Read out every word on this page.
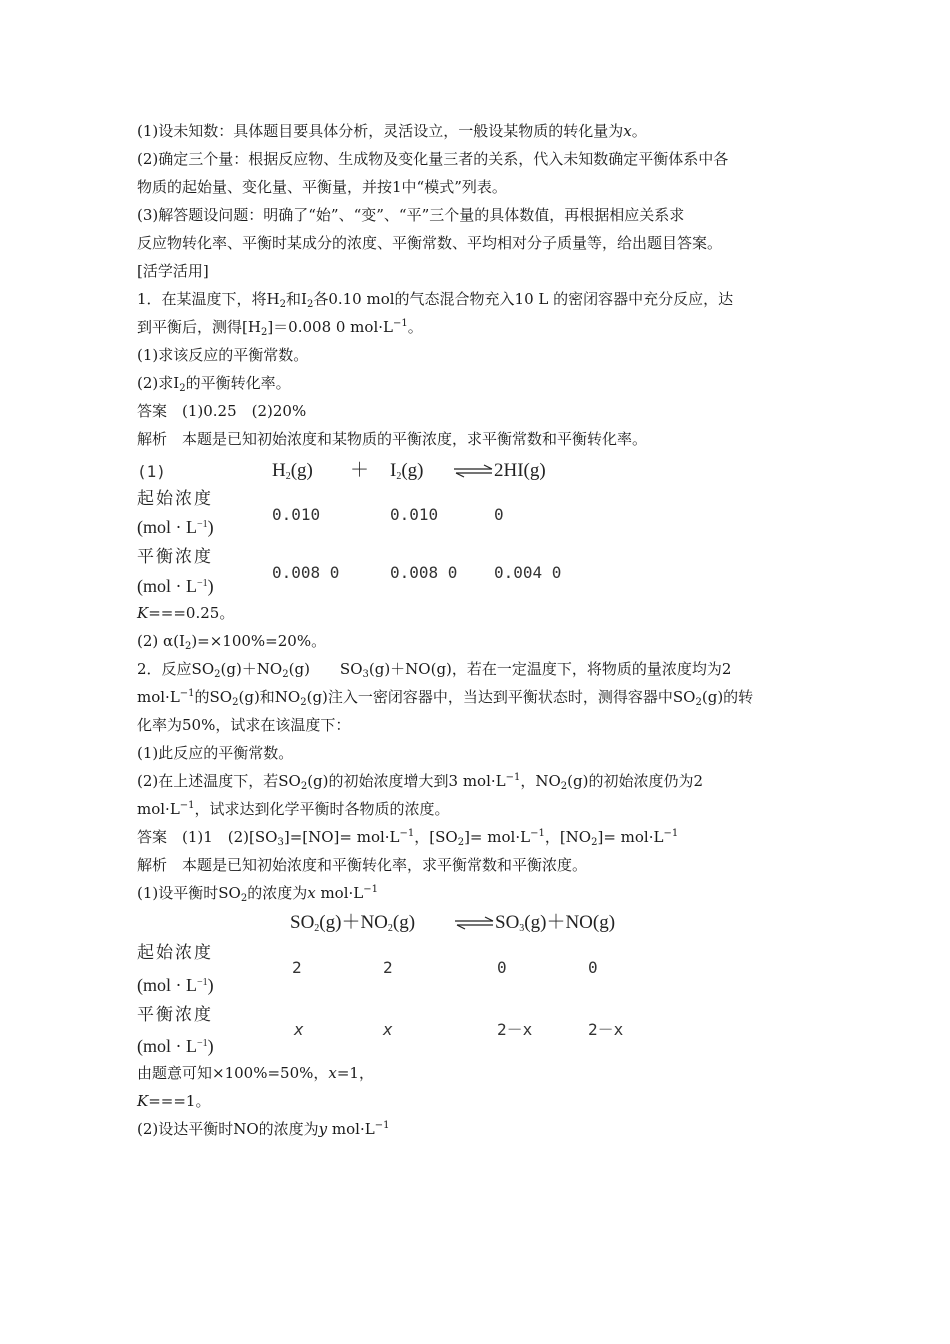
(1)设未知数：具体题目要具体分析，灵活设立，一般设某物质的转化量为x。
(2)确定三个量：根据反应物、生成物及变化量三者的关系，代入未知数确定平衡体系中各
物质的起始量、变化量、平衡量，并按1中“模式”列表。
(3)解答题设问题：明确了“始”、“变”、“平”三个量的具体数值，再根据相应关系求
反应物转化率、平衡时某成分的浓度、平衡常数、平均相对分子质量等，给出题目答案。
[活学活用]
1．在某温度下，将$H_2$和$I_2$各0.10 mol的气态混合物充入10 L 的密闭容器中充分反应，达
到平衡后，测得$[H_2]=0.008$ 0 $mol\cdot L^{-1}$。
(1)求该反应的平衡常数。
(2)求$I_2$的平衡转化率。
答案　(1)0.25　(2)20%
解析　本题是已知初始浓度和某物质的平衡浓度，求平衡常数和平衡转化率。
(1)	$H_2(g) + I_2(g)$ ⇌ 2HI(g)
起始浓度
$(mol \cdot L^{-1})$
0.010	0.010	0
平衡浓度
$(mol \cdot L^{-1})$
0.008 0	0.008 0 0.004 0
K===0.25。
(2) $\alpha(I_2)=\times 100\%=20\%$。
2．反应$SO_2(g)+NO_2(g)$ $SO_3(g)+NO(g)$，若在一定温度下，将物质的量浓度均为2
$mol\cdot L^{-1}$的$SO_2(g)$和$NO_2(g)$注入一密闭容器中，当达到平衡状态时，测得容器中$SO_2(g)$的转
化率为50%，试求在该温度下：
(1)此反应的平衡常数。
(2)在上述温度下，若$SO_2(g)$的初始浓度增大到3 $mol\cdot L^{-1}$，$NO_2(g)$的初始浓度仍为2
$mol\cdot L^{-1}$，试求达到化学平衡时各物质的浓度。
答案　(1)1　$(2)[SO_3]=[NO]= mol\cdot L^{-1}$，$[SO_2]= mol\cdot L^{-1}$，$[NO_2]= mol\cdot L^{-1}$
解析　本题是已知初始浓度和平衡转化率，求平衡常数和平衡浓度。
(1)设平衡时$SO_2$的浓度为x $mol\cdot L^{-1}$
$SO_2(g)+NO_2(g)$ ⇌ $SO_3(g)+NO(g)$
起始浓度
$(mol \cdot L^{-1})$
2	2	0	0
平衡浓度
$(mol \cdot L^{-1})$
x	x	2－x	2－x
由题意可知×100%=50%，x=1，
K===1。
(2)设达平衡时NO的浓度为y $mol\cdot L^{-1}$
